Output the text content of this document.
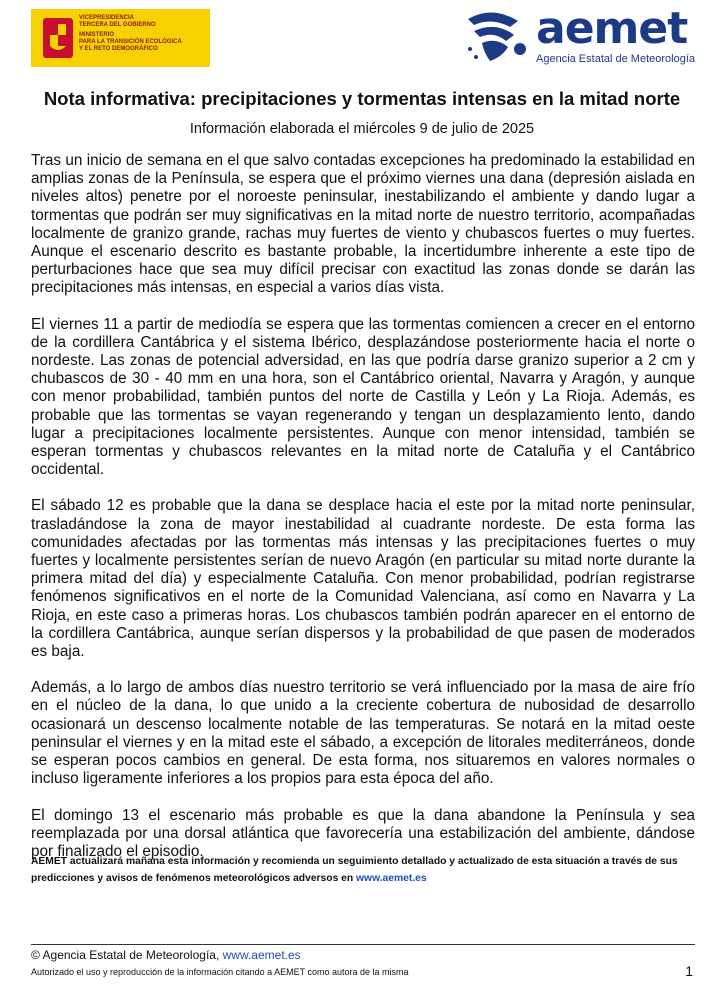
VICEPRESIDENCIA
TERCERA DEL GOBIERNO
MINISTERIO
PARA LA TRANSICIÓN ECOLÓGICA
Y EL RETO DEMOGRÁFICO	aemet
Agencia Estatal de Meteorología
Nota informativa: precipitaciones y tormentas intensas en la mitad norte
Información elaborada el miércoles 9 de julio de 2025

Tras un inicio de semana en el que salvo contadas excepciones ha predominado la estabilidad en amplias zonas de la Península, se espera que el próximo viernes una dana (depresión aislada en niveles altos) penetre por el noroeste peninsular, inestabilizando el ambiente y dando lugar a tormentas que podrán ser muy significativas en la mitad norte de nuestro territorio, acompañadas localmente de granizo grande, rachas muy fuertes de viento y chubascos fuertes o muy fuertes. Aunque el escenario descrito es bastante probable, la incertidumbre inherente a este tipo de perturbaciones hace que sea muy difícil precisar con exactitud las zonas donde se darán las precipitaciones más intensas, en especial a varios días vista.

El viernes 11 a partir de mediodía se espera que las tormentas comiencen a crecer en el entorno de la cordillera Cantábrica y el sistema Ibérico, desplazándose posteriormente hacia el norte o nordeste. Las zonas de potencial adversidad, en las que podría darse granizo superior a 2 cm y chubascos de 30 - 40 mm en una hora, son el Cantábrico oriental, Navarra y Aragón, y aunque con menor probabilidad, también puntos del norte de Castilla y León y La Rioja. Además, es probable que las tormentas se vayan regenerando y tengan un desplazamiento lento, dando lugar a precipitaciones localmente persistentes. Aunque con menor intensidad, también se esperan tormentas y chubascos relevantes en la mitad norte de Cataluña y el Cantábrico occidental.

El sábado 12 es probable que la dana se desplace hacia el este por la mitad norte peninsular, trasladándose la zona de mayor inestabilidad al cuadrante nordeste. De esta forma las comunidades afectadas por las tormentas más intensas y las precipitaciones fuertes o muy fuertes y localmente persistentes serían de nuevo Aragón (en particular su mitad norte durante la primera mitad del día) y especialmente Cataluña. Con menor probabilidad, podrían registrarse fenómenos significativos en el norte de la Comunidad Valenciana, así como en Navarra y La Rioja, en este caso a primeras horas. Los chubascos también podrán aparecer en el entorno de la cordillera Cantábrica, aunque serían dispersos y la probabilidad de que pasen de moderados es baja.

Además, a lo largo de ambos días nuestro territorio se verá influenciado por la masa de aire frío en el núcleo de la dana, lo que unido a la creciente cobertura de nubosidad de desarrollo ocasionará un descenso localmente notable de las temperaturas. Se notará en la mitad oeste peninsular el viernes y en la mitad este el sábado, a excepción de litorales mediterráneos, donde se esperan pocos cambios en general. De esta forma, nos situaremos en valores normales o incluso ligeramente inferiores a los propios para esta época del año.

El domingo 13 el escenario más probable es que la dana abandone la Península y sea reemplazada por una dorsal atlántica que favorecería una estabilización del ambiente, dándose por finalizado el episodio.

AEMET actualizará mañana esta información y recomienda un seguimiento detallado y actualizado de esta situación a través de sus predicciones y avisos de fenómenos meteorológicos adversos en www.aemet.es
© Agencia Estatal de Meteorología, www.aemet.es
Autorizado el uso y reproducción de la información citando a AEMET como autora de la misma	1
